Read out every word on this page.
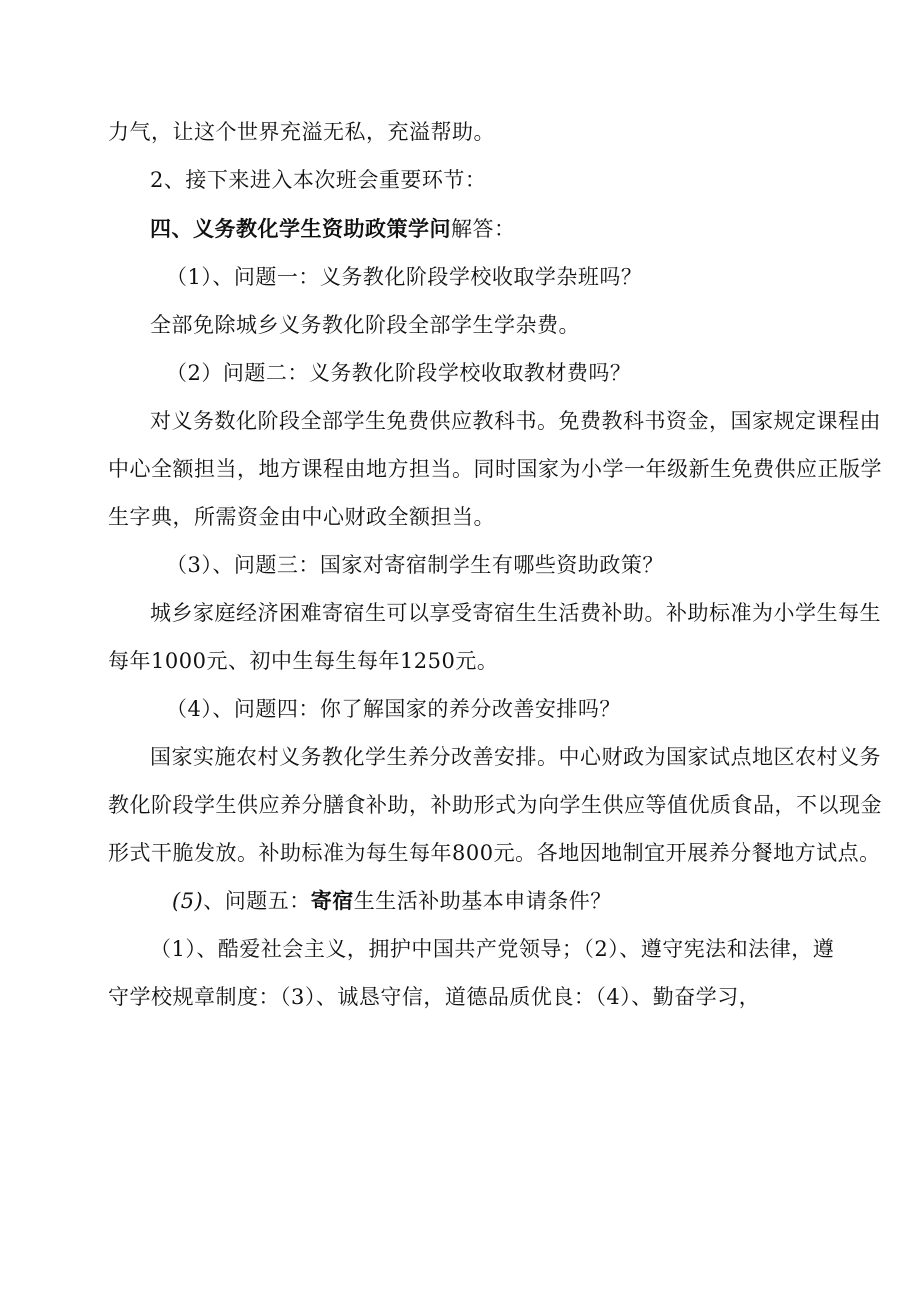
力气，让这个世界充溢无私，充溢帮助。
2、接下来进入本次班会重要环节：
四、义务教化学生资助政策学问解答：
（1）、问题一：义务教化阶段学校收取学杂班吗？
全部免除城乡义务教化阶段全部学生学杂费。
（2）问题二：义务教化阶段学校收取教材费吗？
对义务数化阶段全部学生免费供应教科书。免费教科书资金，国家规定课程由
中心全额担当，地方课程由地方担当。同时国家为小学一年级新生免费供应正版学
生字典，所需资金由中心财政全额担当。
（3）、问题三：国家对寄宿制学生有哪些资助政策？
城乡家庭经济困难寄宿生可以享受寄宿生生活费补助。补助标准为小学生每生
每年1000元、初中生每生每年1250元。
（4）、问题四：你了解国家的养分改善安排吗？
国家实施农村义务教化学生养分改善安排。中心财政为国家试点地区农村义务
教化阶段学生供应养分膳食补助，补助形式为向学生供应等值优质食品，不以现金
形式干脆发放。补助标准为每生每年800元。各地因地制宜开展养分餐地方试点。
(5)、问题五：寄宿生生活补助基本申请条件？
（1）、酷爱社会主义，拥护中国共产党领导；（2）、遵守宪法和法律，遵
守学校规章制度：（3）、诚恳守信，道德品质优良：（4）、勤奋学习，
